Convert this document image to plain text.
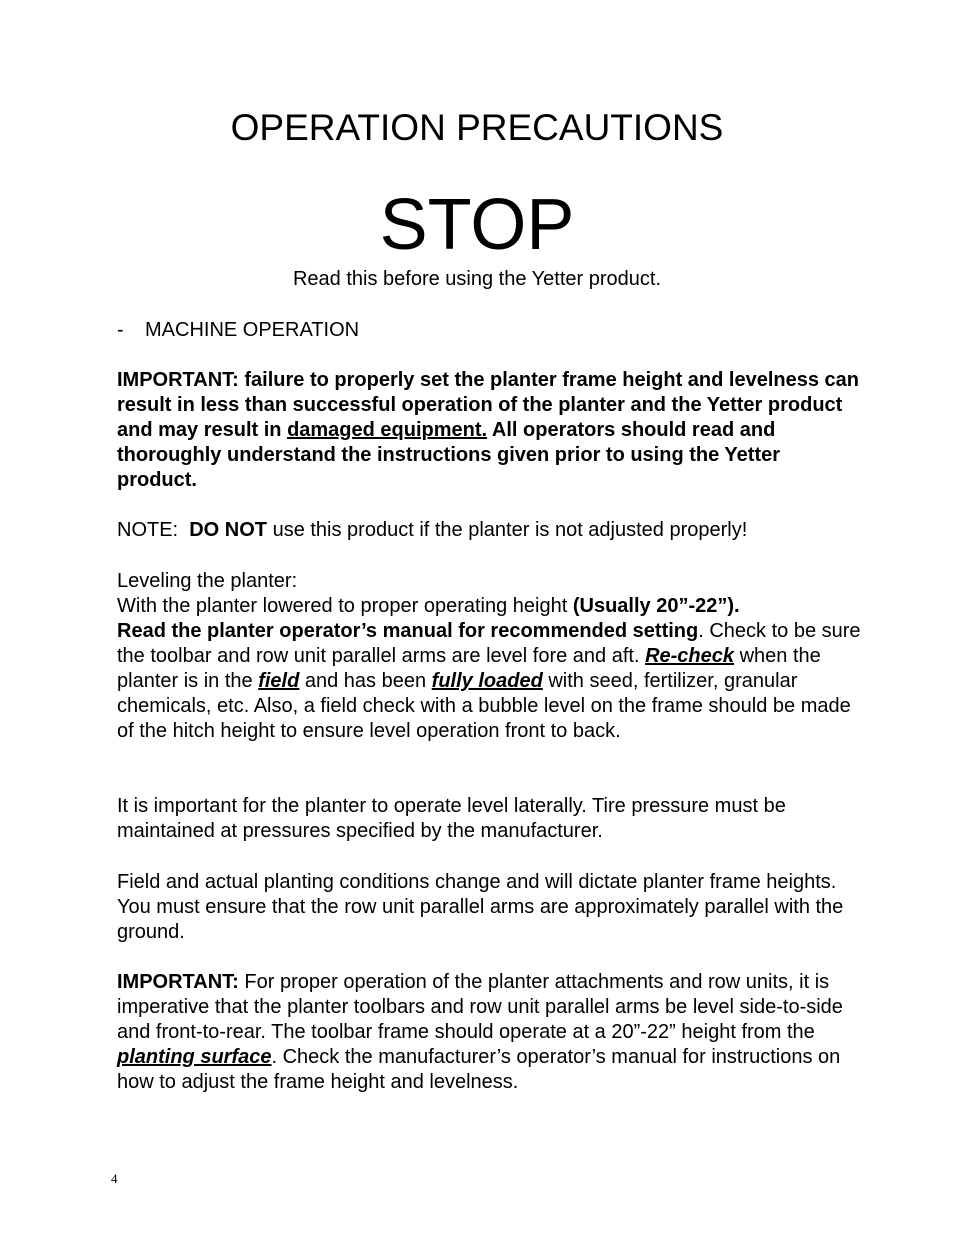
OPERATION PRECAUTIONS
STOP
Read this before using the Yetter product.
- MACHINE OPERATION
IMPORTANT: failure to properly set the planter frame height and levelness can result in less than successful operation of the planter and the Yetter product and may result in damaged equipment. All operators should read and thoroughly understand the instructions given prior to using the Yetter product.
NOTE:  DO NOT use this product if the planter is not adjusted properly!
Leveling the planter:
With the planter lowered to proper operating height (Usually 20”-22”).
Read the planter operator’s manual for recommended setting. Check to be sure the toolbar and row unit parallel arms are level fore and aft. Re-check when the planter is in the field and has been fully loaded with seed, fertilizer, granular chemicals, etc. Also, a field check with a bubble level on the frame should be made of the hitch height to ensure level operation front to back.
It is important for the planter to operate level laterally. Tire pressure must be maintained at pressures specified by the manufacturer.
Field and actual planting conditions change and will dictate planter frame heights. You must ensure that the row unit parallel arms are approximately parallel with the ground.
IMPORTANT: For proper operation of the planter attachments and row units, it is imperative that the planter toolbars and row unit parallel arms be level side-to-side and front-to-rear. The toolbar frame should operate at a 20”-22” height from the planting surface. Check the manufacturer’s operator’s manual for instructions on how to adjust the frame height and levelness.
4
